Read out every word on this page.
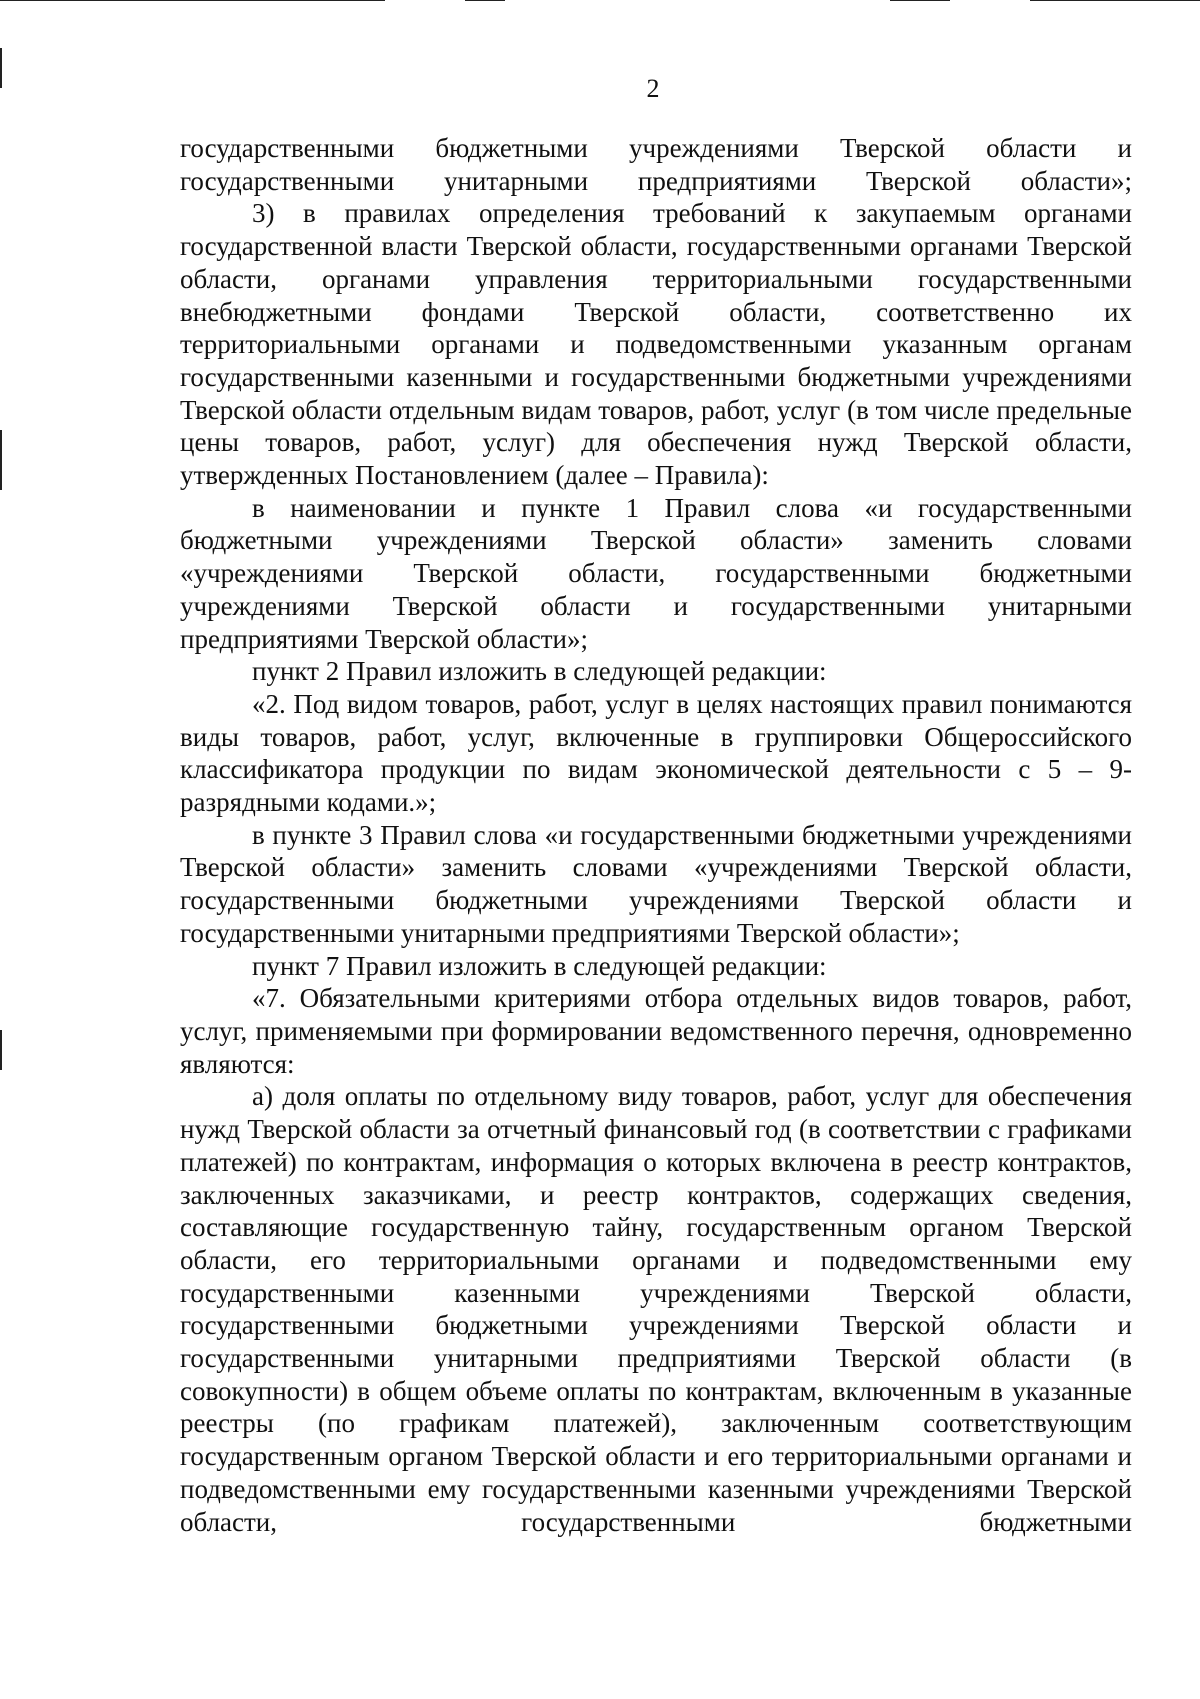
2

государственными бюджетными учреждениями Тверской области и государственными унитарными предприятиями Тверской области»;

3) в правилах определения требований к закупаемым органами государственной власти Тверской области, государственными органами Тверской области, органами управления территориальными государственными внебюджетными фондами Тверской области, соответственно их территориальными органами и подведомственными указанным органам государственными казенными и государственными бюджетными учреждениями Тверской области отдельным видам товаров, работ, услуг (в том числе предельные цены товаров, работ, услуг) для обеспечения нужд Тверской области, утвержденных Постановлением (далее – Правила):

в наименовании и пункте 1 Правил слова «и государственными бюджетными учреждениями Тверской области» заменить словами «учреждениями Тверской области, государственными бюджетными учреждениями Тверской области и государственными унитарными предприятиями Тверской области»;

пункт 2 Правил изложить в следующей редакции:

«2. Под видом товаров, работ, услуг в целях настоящих правил понимаются виды товаров, работ, услуг, включенные в группировки Общероссийского классификатора продукции по видам экономической деятельности с 5 – 9-разрядными кодами.»;

в пункте 3 Правил слова «и государственными бюджетными учреждениями Тверской области» заменить словами «учреждениями Тверской области, государственными бюджетными учреждениями Тверской области и государственными унитарными предприятиями Тверской области»;

пункт 7 Правил изложить в следующей редакции:

«7. Обязательными критериями отбора отдельных видов товаров, работ, услуг, применяемыми при формировании ведомственного перечня, одновременно являются:

а) доля оплаты по отдельному виду товаров, работ, услуг для обеспечения нужд Тверской области за отчетный финансовый год (в соответствии с графиками платежей) по контрактам, информация о которых включена в реестр контрактов, заключенных заказчиками, и реестр контрактов, содержащих сведения, составляющие государственную тайну, государственным органом Тверской области, его территориальными органами и подведомственными ему государственными казенными учреждениями Тверской области, государственными бюджетными учреждениями Тверской области и государственными унитарными предприятиями Тверской области (в совокупности) в общем объеме оплаты по контрактам, включенным в указанные реестры (по графикам платежей), заключенным соответствующим государственным органом Тверской области и его территориальными органами и подведомственными ему государственными казенными учреждениями Тверской области, государственными бюджетными
